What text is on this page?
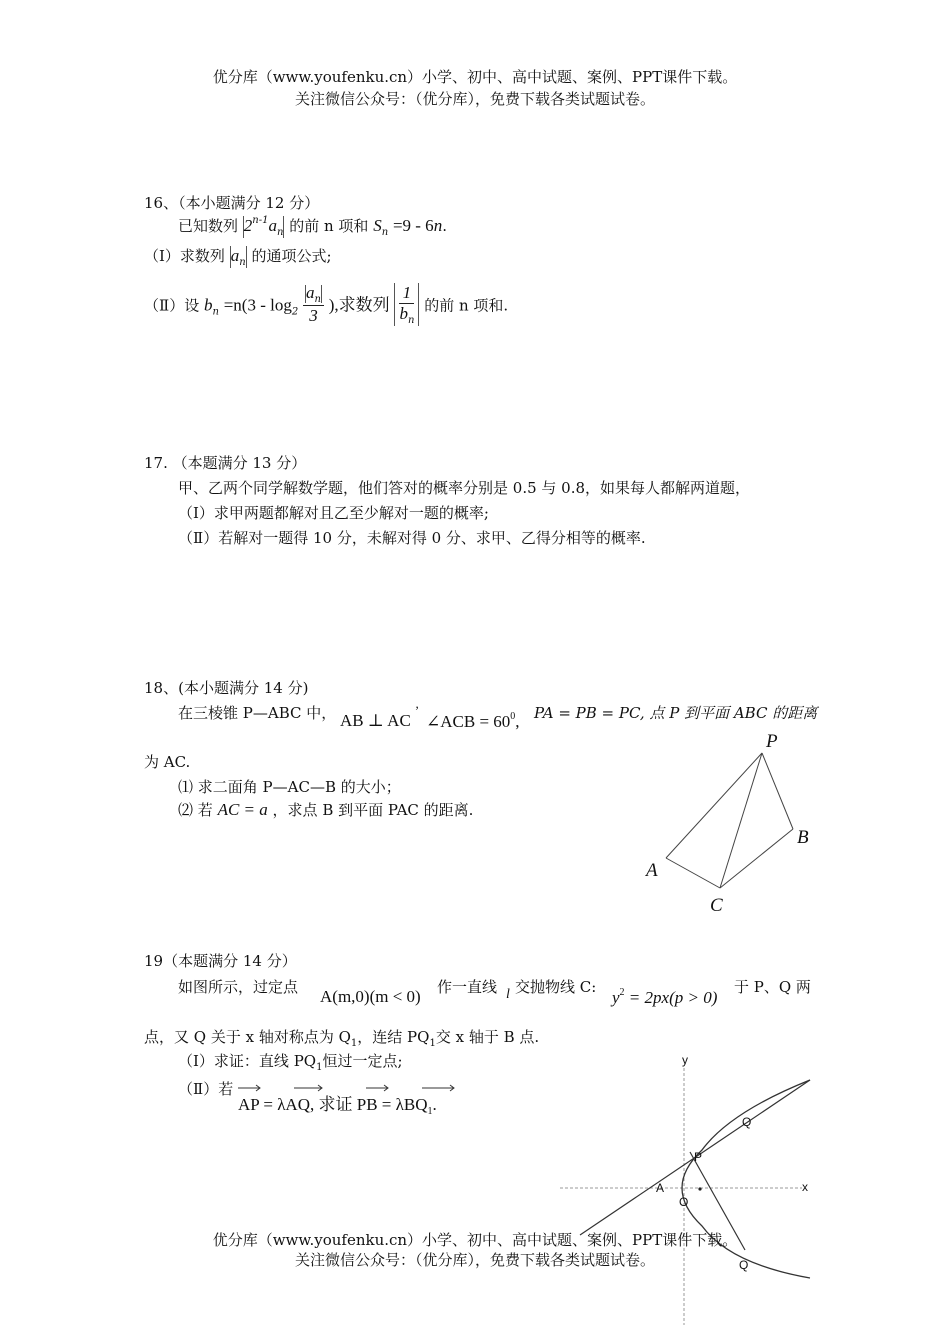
优分库（www.youfenku.cn）小学、初中、高中试题、案例、PPT课件下载。
关注微信公众号：（优分库），免费下载各类试题试卷。
16、（本小题满分 12 分）
已知数列 $2^{n-1}a_n$ 的前 n 项和 $S_n =9 - 6n$.
（Ⅰ）求数列 $a_n$ 的通项公式;
（Ⅱ）设 $b_n =n(3 - \log_2 \frac{a_n}{3}$ ),求数列 $\frac{1}{b_n}$ 的前 n 项和.
17. （本题满分 13 分）
甲、乙两个同学解数学题，他们答对的概率分别是 0.5 与 0.8，如果每人都解两道题，
（Ⅰ）求甲两题都解对且乙至少解对一题的概率;
（Ⅱ）若解对一题得 10 分，未解对得 0 分、求甲、乙得分相等的概率.
18、(本小题满分 14 分)
在三棱锥 P—ABC 中， AB ⊥ AC
’
∠ACB = $60^0$, PA = PB = PC, 点 P 到平面 ABC 的距离
为 AC.
⑴ 求二面角 P—AC—B 的大小；
⑵ 若 AC = a ，求点 B 到平面 PAC 的距离.
P
A
B
C
19（本题满分 14 分）
如图所示，过定点 A(m,0)(m < 0) 作一直线 l 交抛物线 C:
$y^2 = 2px(p > 0)$
于 P、Q 两
点，又 Q 关于 x 轴对称点为 $Q_1$，连结 $PQ_1$交 x 轴于 B 点.
（Ⅰ）求证：直线 $PQ_1$恒过一定点;
（Ⅱ）若
AP = λAQ, 求证 PB = λBQ$_1$.
y
x
Q
P
A
O
Q
优分库（www.youfenku.cn）小学、初中、高中试题、案例、PPT课件下载。
关注微信公众号：（优分库），免费下载各类试题试卷。
